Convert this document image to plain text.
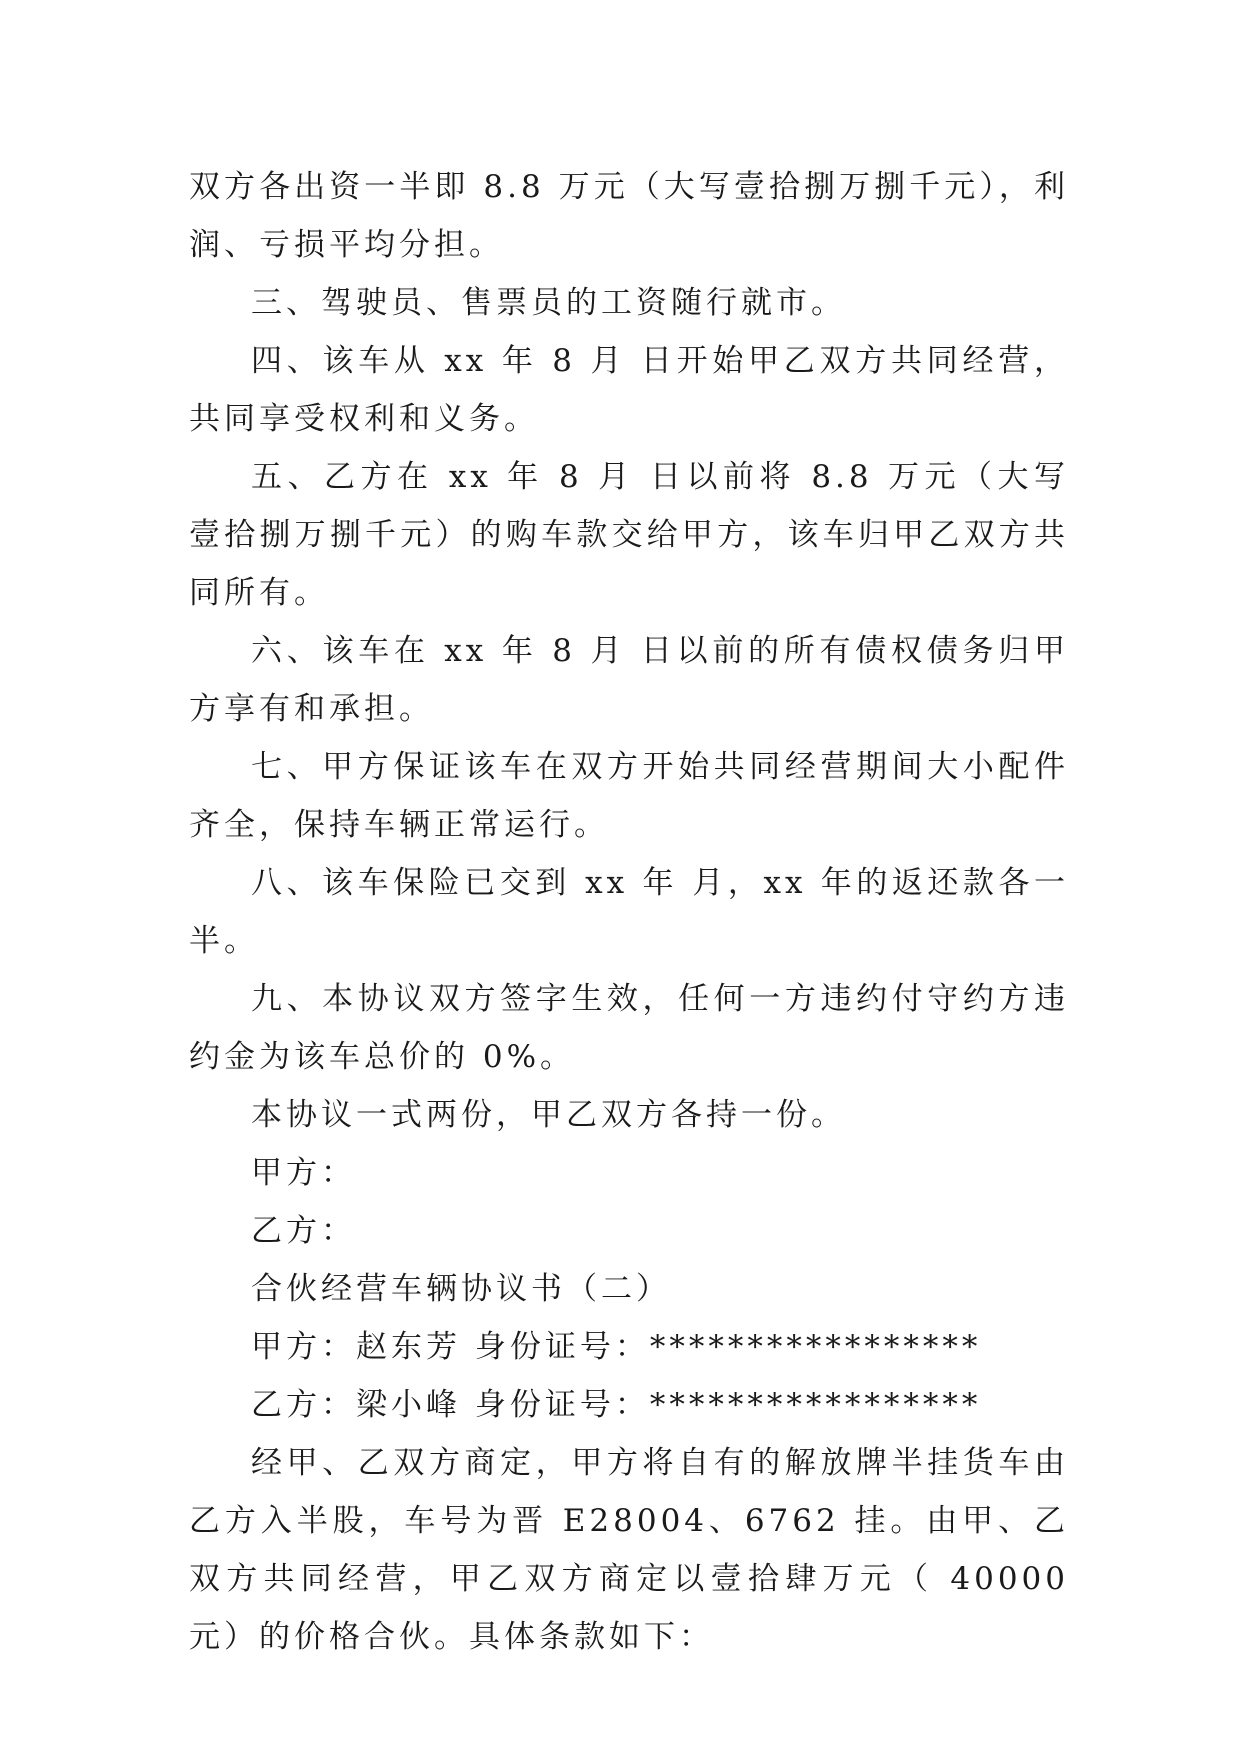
双方各出资一半即 8.8 万元（大写壹拾捌万捌千元），利润、亏损平均分担。

三、驾驶员、售票员的工资随行就市。

四、该车从 xx 年 8 月 日开始甲乙双方共同经营，共同享受权利和义务。

五、乙方在 xx 年 8 月 日以前将 8.8 万元（大写壹拾捌万捌千元）的购车款交给甲方，该车归甲乙双方共同所有。

六、该车在 xx 年 8 月 日以前的所有债权债务归甲方享有和承担。

七、甲方保证该车在双方开始共同经营期间大小配件齐全，保持车辆正常运行。

八、该车保险已交到 xx 年 月，xx 年的返还款各一半。

九、本协议双方签字生效，任何一方违约付守约方违约金为该车总价的 0%。

本协议一式两份，甲乙双方各持一份。

甲方：

乙方：

合伙经营车辆协议书（二）

甲方：赵东芳 身份证号：*****************

乙方：梁小峰 身份证号：*****************

经甲、乙双方商定，甲方将自有的解放牌半挂货车由乙方入半股，车号为晋 E28004、6762 挂。由甲、乙双方共同经营，甲乙双方商定以壹拾肆万元（ 40000 元）的价格合伙。具体条款如下：
